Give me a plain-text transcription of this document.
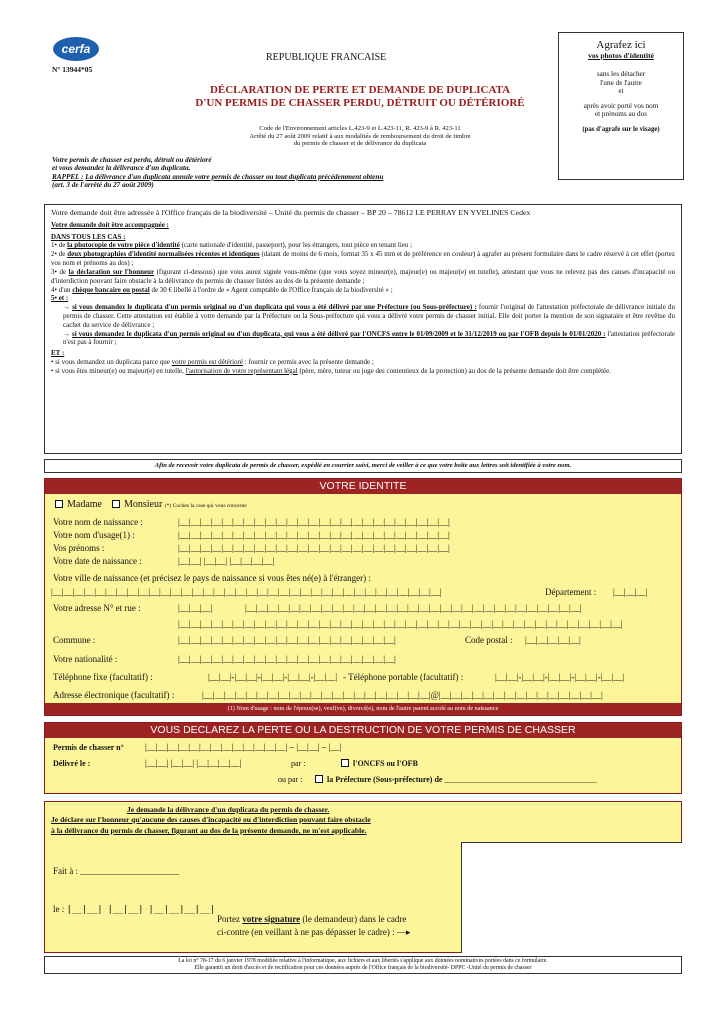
cerfa
N° 13944*05
REPUBLIQUE FRANCAISE
DÉCLARATION DE PERTE ET DEMANDE DE DUPLICATA
D'UN PERMIS DE CHASSER PERDU, DÉTRUIT OU DÉTÉRIORÉ
Code de l'Environnement articles L.423-9 et L.423-11, R. 423-9 à R. 423-11
Arrêté du 27 août 2009 relatif à aux modalités de remboursement du droit de timbre
du permis de chasser et de délivrance du duplicata
Agrafez ici
vos photos d'identité

sans les détacher
l'une de l'autre
et

après avoir porté vos nom
et prénoms au dos

(pas d'agrafe sur le visage)

Votre permis de chasser est perdu, détruit ou détérioré
et vous demandez la délivrance d'un duplicata.
RAPPEL : La délivrance d'un duplicata annule votre permis de chasser ou tout duplicata précédemment obtenu
(art. 3 de l'arrêté du 27 août 2009)
Votre demande doit être adressée à l'Office français de la biodiversité – Unité du permis de chasser – BP 20 – 78612 LE PERRAY EN YVELINES Cedex
Votre demande doit être accompagnée :
DANS TOUS LES CAS :

1• de la photocopie de votre pièce d'identité (carte nationale d'identité, passeport), pour les étrangers, tout pièce en tenant lieu ;

2• de deux photographies d'identité normalisées récentes et identiques (datant de moins de 6 mois, format 35 x 45 mm et de préférence en couleur) à agrafer au présent formulaire dans le cadre réservé à cet effet (portez vos nom et prénoms au dos) ;

3• de la déclaration sur l'honneur (figurant ci-dessous) que vous aurez signée vous-même (que vous soyez mineur(e), majeur(e) ou majeur(e) en tutelle), attestant que vous ne relevez pas des causes d'incapacité ou d'interdiction pouvant faire obstacle à la délivrance du permis de chasser listées au dos de la présente demande ;

4• d'un chèque bancaire ou postal de 30 € libellé à l'ordre de « Agent comptable de l'Office français de la biodiversité » ;

5• et :

→ si vous demandez le duplicata d'un permis original ou d'un duplicata qui vous a été délivré par une Préfecture (ou Sous-préfecture) : fournir l'original de l'attestation préfectorale de délivrance initiale du permis de chasser. Cette attestation est établie à votre demande par la Préfecture ou la Sous-préfecture qui vous a délivré votre permis de chasser initial. Elle doit porter la mention de son signataire et être revêtue du cachet du service de délivrance ;

→ si vous demandez le duplicata d'un permis original ou d'un duplicata, qui vous a été délivré par l'ONCFS entre le 01/09/2009 et le 31/12/2019 ou par l'OFB depuis le 01/01/2020 : l'attestation préfectorale n'est pas à fournir ;

ET :

• si vous demandez un duplicata parce que votre permis est détérioré : fournir ce permis avec la présente demande ;

• si vous êtes mineur(e) ou majeur(e) en tutelle, l'autorisation de votre représentant légal (père, mère, tuteur ou juge des contentieux de la protection) au dos de la présente demande doit être complétée.

Afin de recevoir votre duplicata de permis de chasser, expédié en courrier suivi, merci de veiller à ce que votre boîte aux lettres soit identifiée à votre nom.
VOTRE IDENTITE
Madame Monsieur (*) Cochez la case qui vous concerne
Votre nom de naissance :	|__|__|__|__|__|__|__|__|__|__|__|__|__|__|__|__|__|__|__|__|__|__|__|__|__|
Votre nom d'usage(1) :	|__|__|__|__|__|__|__|__|__|__|__|__|__|__|__|__|__|__|__|__|__|__|__|__|__|
Vos prénoms :	|__|__|__|__|__|__|__|__|__|__|__|__|__|__|__|__|__|__|__|__|__|__|__|__|__|
Votre date de naissance :	|__|__| |__|__| |__|__|__|__|
Votre ville de naissance (et précisez le pays de naissance si vous êtes né(e) à l'étranger) :
|__|__|__|__|__|__|__|__|__|__|__|__|__|__|__|__|__|__|__|__|__|__|__|__|__|__|__|__|__|__|__|__|__|__|__|__|	Département : |__|__|__|
Votre adresse N° et rue :	|__|__|__|	|__|__|__|__|__|__|__|__|__|__|__|__|__|__|__|__|__|__|__|__|__|__|__|__|__|__|__|__|__|__|__|
|__|__|__|__|__|__|__|__|__|__|__|__|__|__|__|__|__|__|__|__|__|__|__|__|__|__|__|__|__|__|__|__|__|__|__|__|__|__|__|__|__|
Commune :	|__|__|__|__|__|__|__|__|__|__|__|__|__|__|__|__|__|__|__|__|	Code postal : |__|__|__|__|__|
Votre nationalité :	|__|__|__|__|__|__|__|__|__|__|__|__|__|__|__|__|__|__|__|__|
Téléphone fixe (facultatif) :	|__|__|-|__|__|-|__|__|-|__|__|-|__|__| - Téléphone portable (facultatif) :	|__|__|-|__|__|-|__|__|-|__|__|-|__|__|
Adresse électronique (facultatif) :	|__|__|__|__|__|__|__|__|__|__|__|__|__|__|__|__|__|__|__|__|__|@|__|__|__|__|__|__|__|__|__|__|__|__|__|__|__|
(1) Nom d'usage : nom de l'époux(se), veuf(ve), divorcé(e), nom de l'autre parent accolé au nom de naissance
VOUS DECLAREZ LA PERTE OU LA DESTRUCTION DE VOTRE PERMIS DE CHASSER
Permis de chasser n° |__|__|__|__|__|__|__|__|__|__|__|__|__| – |__|__| – |__|
Délivré le :	|__|__| |__|__| |__|__|__|__|	par :	l'ONCFS ou l'OFB
ou par :	la Préfecture (Sous-préfecture) de ______________________________________
Je demande la délivrance d'un duplicata du permis de chasser.
Je déclare sur l'honneur qu'aucune des causes d'incapacité ou d'interdiction pouvant faire obstacle
à la délivrance du permis de chasser, figurant au dos de la présente demande, ne m'est applicable.
Fait à : ______________________
le : |__|__| |__|__| |__|__|__|__|
Portez votre signature (le demandeur) dans le cadre
ci-contre (en veillant à ne pas dépasser le cadre) : —▸
La loi n° 78-17 du 6 janvier 1978 modifiée relative à l'informatique, aux fichiers et aux libertés s'applique aux données nominatives portées dans ce formulaire.
Elle garantit un droit d'accès et de rectification pour ces données auprès de l'Office français de la biodiversité- DPPC -Unité du permis de chasser
